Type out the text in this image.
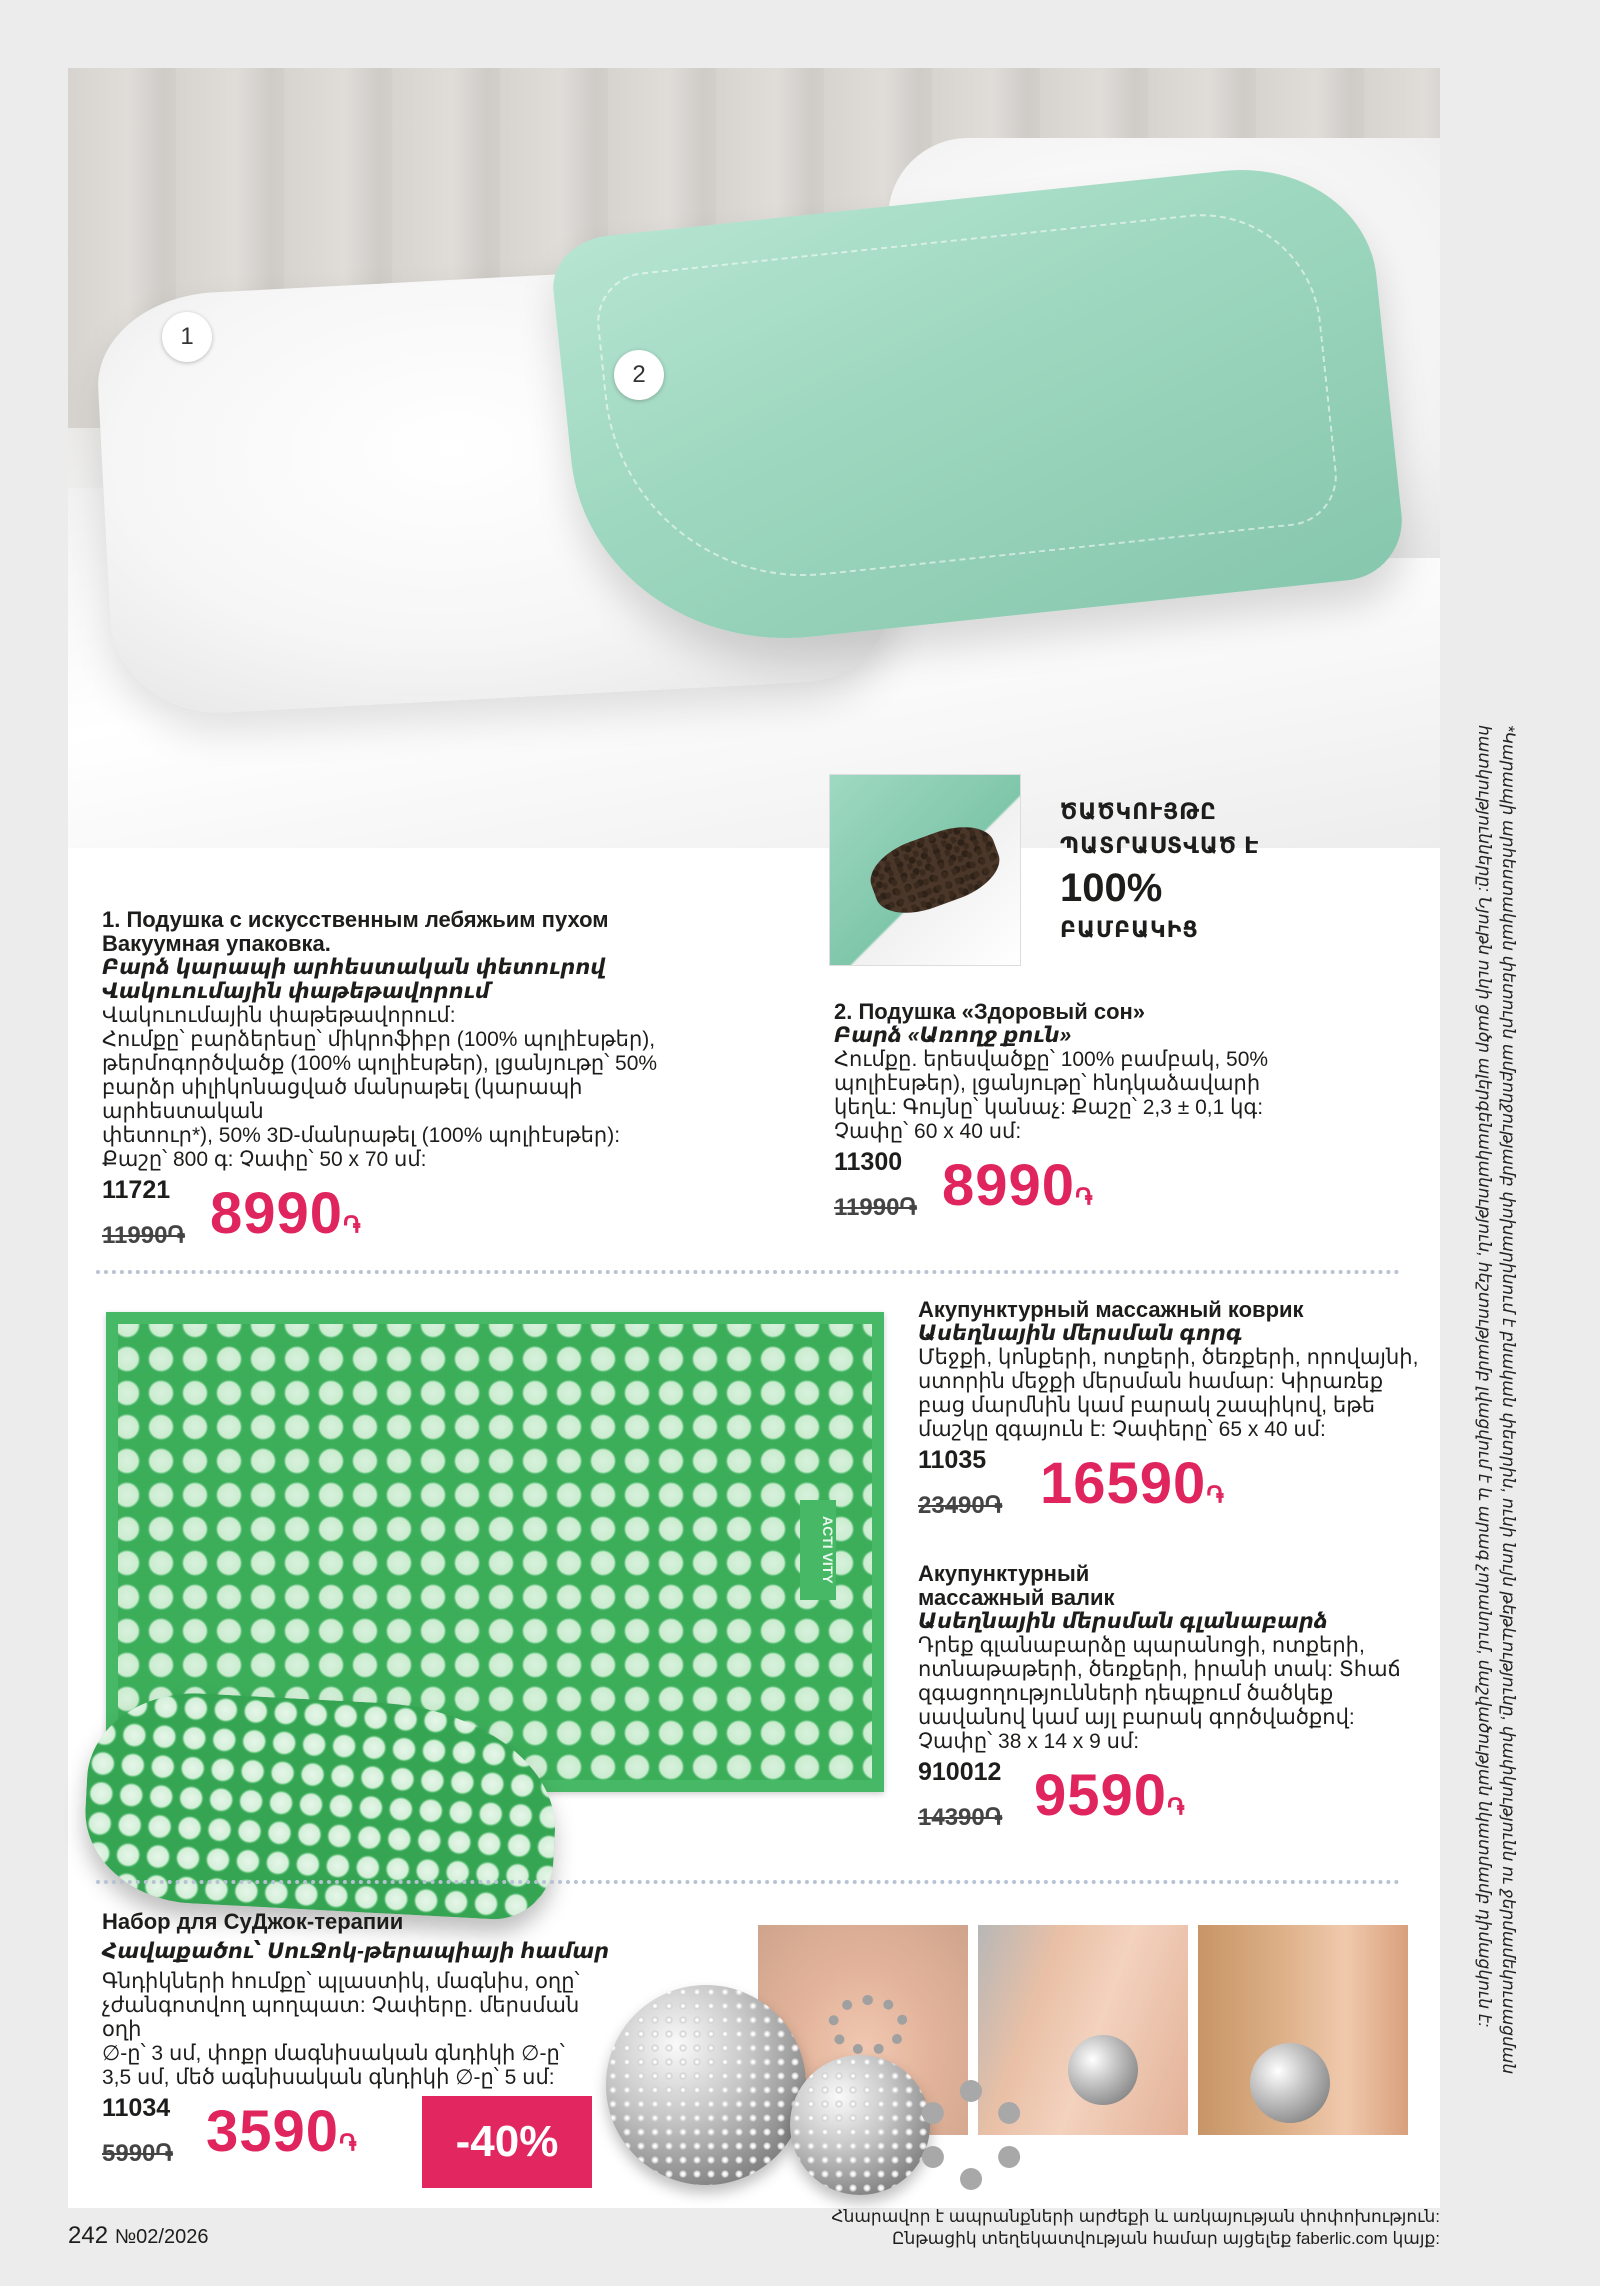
1
2
ԾԱԾԿՈՒՅԹԸ
ՊԱՏՐԱՍՏՎԱԾ Է
100%
ԲԱՄԲԱԿԻՑ
1. Подушка с искусственным лебяжьим пухом
Вакуумная упаковка.
Բարձ կարապի արհեստական փետուրով
Վակուումային փաթեթավորում
Վակուումային փաթեթավորում:
Հումքը՝ բարձերեսը՝ միկրոֆիբր (100% պոլիէսթեր),
թերմոգործվածք (100% պոլիէսթեր), լցանյութը՝ 50%
բարձր սիլիկոնացված մանրաթել (կարապի արհեստական
փետուր*), 50% 3D-մանրաթել (100% պոլիէսթեր):
Քաշը՝ 800 գ: Չափը՝ 50 x 70 սմ:
11721
11990֏ 8990֏
2. Подушка «Здоровый сон»
Բարձ «Առողջ քուն»
Հումքը. երեսվածքը՝ 100% բամբակ, 50%
պոլիէսթեր), լցանյութը՝ հնդկաձավարի
կեղև: Գույնը՝ կանաչ: Քաշը՝ 2,3 ± 0,1 կգ:
Չափը՝ 60 x 40 սմ:
11300
11990֏ 8990֏
ACTI VITY
Акупунктурный массажный коврик
Ասեղնային մերսման գորգ
Մեջքի, կոնքերի, ոտքերի, ծեռքերի, որովայնի,
ստորին մեջքի մերսման համար: Կիրառեք
բաց մարմնին կամ բարակ շապիկով, եթե
մաշկը զգայուն է: Չափերը՝ 65 x 40 սմ:
11035
23490֏ 16590֏
Акупунктурный
массажный валик
Ասեղնային մերսման գլանաբարձ
Դրեք գլանաբարձը պարանոցի, ոտքերի,
ոտնաթաթերի, ծեռքերի, իրանի տակ: Տհաճ
զգացողությունների դեպքում ծածկեք
սավանով կամ այլ բարակ գործվածքով:
Չափը՝ 38 x 14 x 9 սմ:
910012
14390֏ 9590֏
Набор для СуДжок-терапии
Հավաքածու՝ ՍուՋոկ-թերապիայի համար
Գնդիկների հումքը՝ պլաստիկ, մագնիս, օղը՝
չժանգոտվող պողպատ: Չափերը. մերսման օղի
∅-ը՝ 3 սմ, փոքր մագնիսական գնդիկի ∅-ը՝
3,5 սմ, մեծ ագնիսական գնդիկի ∅-ը՝ 5 սմ:
11034
5990֏ 3590֏	-40%
*Կարապի արհեստական փետուրն ամբողջությամբ փոխարինում է բնական փետրին, ունի նույն թեթևությունը, փափկությունն ու ջերմամեկուսացման հատկությունները: Նյութն ունի ցածր ալերգենականություն, հեշտությամբ լվացվում է և արագ չորանում, մաշվածության նկատմամբ դիմացկուն է:
242 №02/2026
Հնարավոր է ապրանքների արժեքի և առկայության փոփոխություն:
Ընթացիկ տեղեկատվության համար այցելեք faberlic.com կայք:
